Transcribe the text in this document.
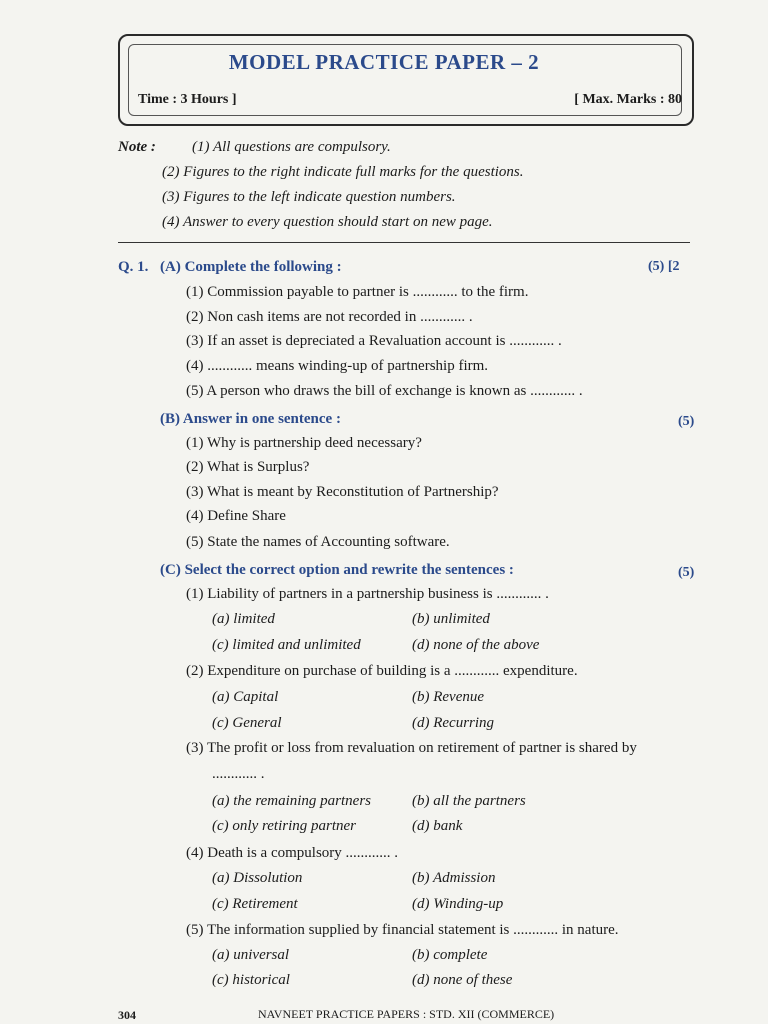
MODEL PRACTICE PAPER – 2
Time : 3 Hours ]	[ Max. Marks : 80
Note : (1) All questions are compulsory.
(2) Figures to the right indicate full marks for the questions.
(3) Figures to the left indicate question numbers.
(4) Answer to every question should start on new page.
Q. 1. (A) Complete the following :	(5) [2
(1) Commission payable to partner is ............ to the firm.
(2) Non cash items are not recorded in ............ .
(3) If an asset is depreciated a Revaluation account is ............ .
(4) ............ means winding-up of partnership firm.
(5) A person who draws the bill of exchange is known as ............ .
(B) Answer in one sentence :	(5)
(1) Why is partnership deed necessary?
(2) What is Surplus?
(3) What is meant by Reconstitution of Partnership?
(4) Define Share
(5) State the names of Accounting software.
(C) Select the correct option and rewrite the sentences :	(5)
(1) Liability of partners in a partnership business is ............ .
(a) limited	(b) unlimited
(c) limited and unlimited	(d) none of the above
(2) Expenditure on purchase of building is a ............ expenditure.
(a) Capital	(b) Revenue
(c) General	(d) Recurring
(3) The profit or loss from revaluation on retirement of partner is shared by
............ .
(a) the remaining partners	(b) all the partners
(c) only retiring partner	(d) bank
(4) Death is a compulsory ............ .
(a) Dissolution	(b) Admission
(c) Retirement	(d) Winding-up
(5) The information supplied by financial statement is ............ in nature.
(a) universal	(b) complete
(c) historical	(d) none of these
304	NAVNEET PRACTICE PAPERS : STD. XII (COMMERCE)
